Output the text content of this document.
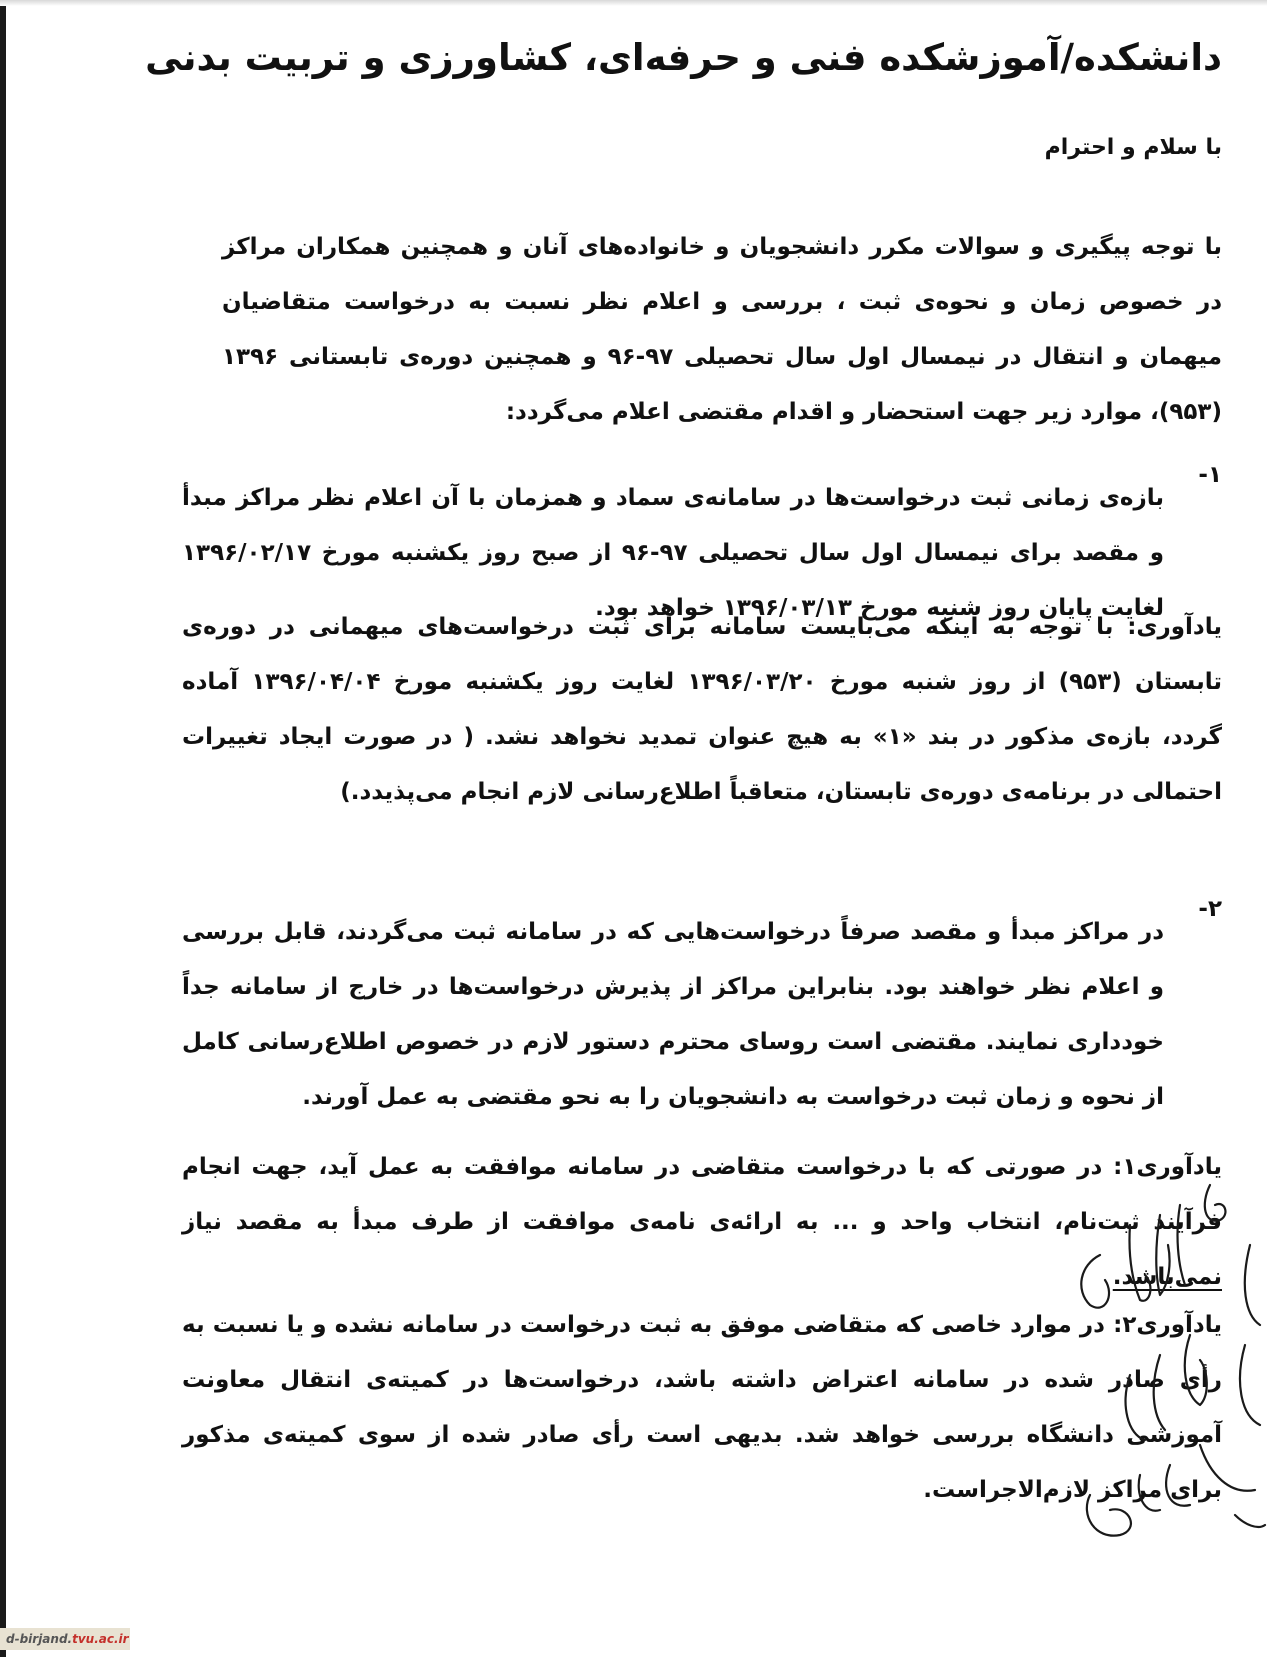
دانشکده/آموزشکده فنی و حرفه‌ای، کشاورزی و تربیت بدنی

با سلام و احترام

با توجه پیگیری و سوالات مکرر دانشجویان و خانواده‌های آنان و همچنین همکاران مراکز در خصوص زمان و نحوه‌ی ثبت ، بررسی و اعلام نظر نسبت به درخواست متقاضیان میهمان و انتقال در نیمسال اول سال تحصیلی ۹۷-۹۶ و همچنین دوره‌ی تابستانی ۱۳۹۶ (۹۵۳)، موارد زیر جهت استحضار و اقدام مقتضی اعلام می‌گردد:

۱-

بازه‌ی زمانی ثبت درخواست‌ها در سامانه‌ی سماد و همزمان با آن اعلام نظر مراکز مبدأ و مقصد برای نیمسال اول سال تحصیلی ۹۷-۹۶ از صبح روز یکشنبه مورخ ۱۳۹۶/۰۲/۱۷ لغایت پایان روز شنبه مورخ ۱۳۹۶/۰۳/۱۳ خواهد بود.

یادآوری: با توجه به اینکه می‌بایست سامانه برای ثبت درخواست‌های میهمانی در دوره‌ی تابستان (۹۵۳) از روز شنبه مورخ ۱۳۹۶/۰۳/۲۰ لغایت روز یکشنبه مورخ ۱۳۹۶/۰۴/۰۴ آماده گردد، بازه‌ی مذکور در بند «۱» به هیچ عنوان تمدید نخواهد نشد. ( در صورت ایجاد تغییرات احتمالی در برنامه‌ی دوره‌ی تابستان، متعاقباً اطلاع‌رسانی لازم انجام می‌پذیدد.)

۲-

در مراکز مبدأ و مقصد صرفاً درخواست‌هایی که در سامانه ثبت می‌گردند، قابل بررسی و اعلام نظر خواهند بود. بنابراین مراکز از پذیرش درخواست‌ها در خارج از سامانه جداً خودداری نمایند. مقتضی است روسای محترم دستور لازم در خصوص اطلاع‌رسانی کامل از نحوه و زمان ثبت درخواست به دانشجویان را به نحو مقتضی به عمل آورند.

یادآوری۱: در صورتی که با درخواست متقاضی در سامانه موافقت به عمل آید، جهت انجام فرآیند ثبت‌نام، انتخاب واحد و ... به ارائه‌ی نامه‌ی موافقت از طرف مبدأ به مقصد نیاز نمی‌باشد.

یادآوری۲: در موارد خاصی که متقاضی موفق به ثبت درخواست در سامانه نشده و یا نسبت به رأی صادر شده در سامانه اعتراض داشته باشد، درخواست‌ها در کمیته‌ی انتقال معاونت آموزشی دانشگاه بررسی خواهد شد. بدیهی است رأی صادر شده از سوی کمیته‌ی مذکور برای مراکز لازم‌الاجراست.

d-birjand.tvu.ac.ir
